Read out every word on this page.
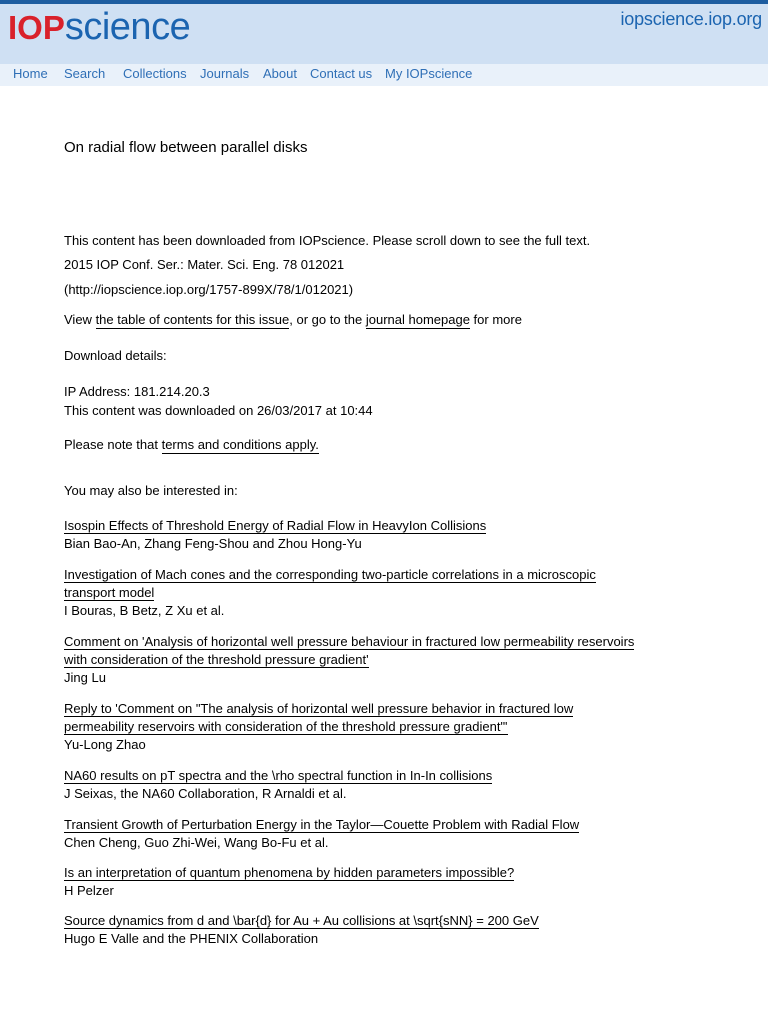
IOPscience	iopscience.iop.org
Home Search Collections Journals About Contact us My IOPscience
On radial flow between parallel disks
This content has been downloaded from IOPscience. Please scroll down to see the full text.
2015 IOP Conf. Ser.: Mater. Sci. Eng. 78 012021
(http://iopscience.iop.org/1757-899X/78/1/012021)
View the table of contents for this issue, or go to the journal homepage for more
Download details:
IP Address: 181.214.20.3
This content was downloaded on 26/03/2017 at 10:44
Please note that terms and conditions apply.
You may also be interested in:
Isospin Effects of Threshold Energy of Radial Flow in HeavyIon Collisions
Bian Bao-An, Zhang Feng-Shou and Zhou Hong-Yu
Investigation of Mach cones and the corresponding two-particle correlations in a microscopic transport model
I Bouras, B Betz, Z Xu et al.
Comment on 'Analysis of horizontal well pressure behaviour in fractured low permeability reservoirs with consideration of the threshold pressure gradient'
Jing Lu
Reply to 'Comment on "The analysis of horizontal well pressure behavior in fractured low permeability reservoirs with consideration of the threshold pressure gradient"'
Yu-Long Zhao
NA60 results on pT spectra and the \rho spectral function in In-In collisions
J Seixas, the NA60 Collaboration, R Arnaldi et al.
Transient Growth of Perturbation Energy in the Taylor—Couette Problem with Radial Flow
Chen Cheng, Guo Zhi-Wei, Wang Bo-Fu et al.
Is an interpretation of quantum phenomena by hidden parameters impossible?
H Pelzer
Source dynamics from d and \bar{d} for Au + Au collisions at \sqrt{sNN} = 200 GeV
Hugo E Valle and the PHENIX Collaboration
